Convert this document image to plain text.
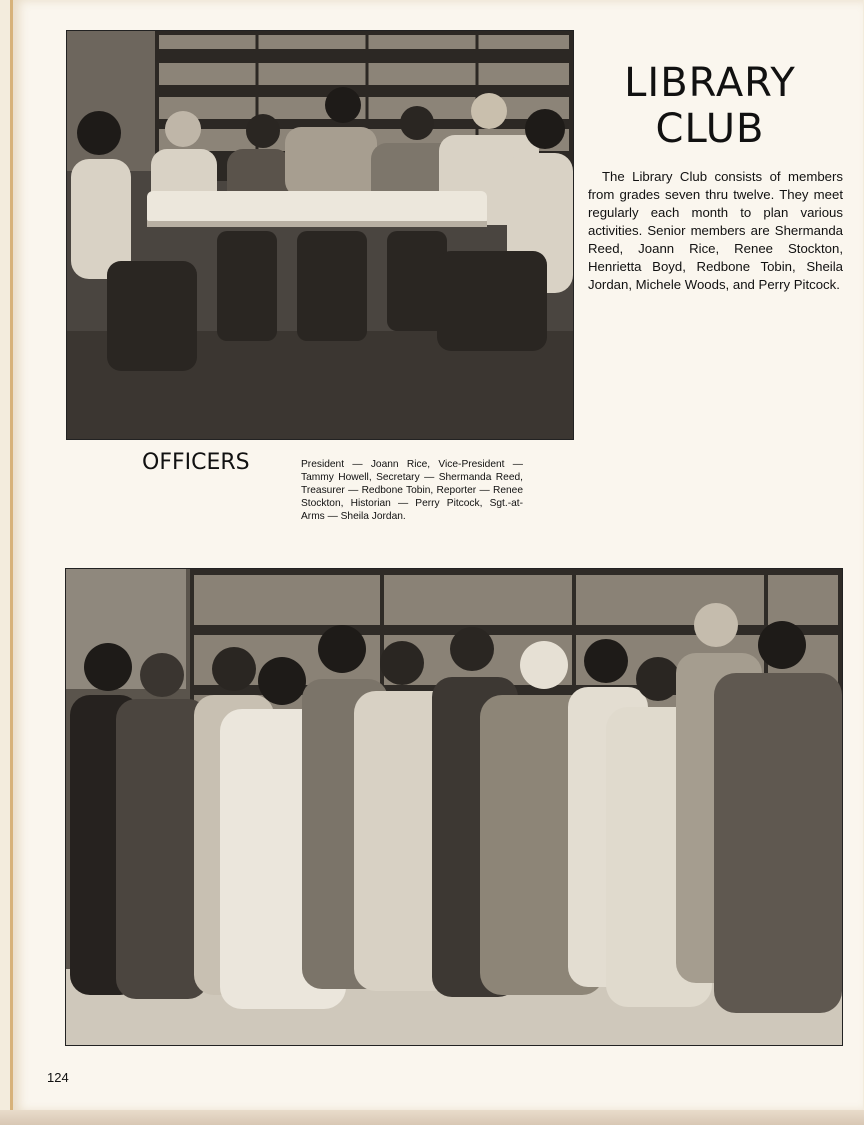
LIBRARY CLUB
The Library Club consists of members from grades seven thru twelve. They meet regularly each month to plan various activities. Senior members are Shermanda Reed, Joann Rice, Renee Stockton, Henrietta Boyd, Redbone Tobin, Sheila Jordan, Michele Woods, and Perry Pitcock.
OFFICERS	President — Joann Rice, Vice-President — Tammy Howell, Secretary — Shermanda Reed, Treasurer — Redbone Tobin, Reporter — Renee Stockton, Historian — Perry Pitcock, Sgt.-at-Arms — Sheila Jordan.
124
